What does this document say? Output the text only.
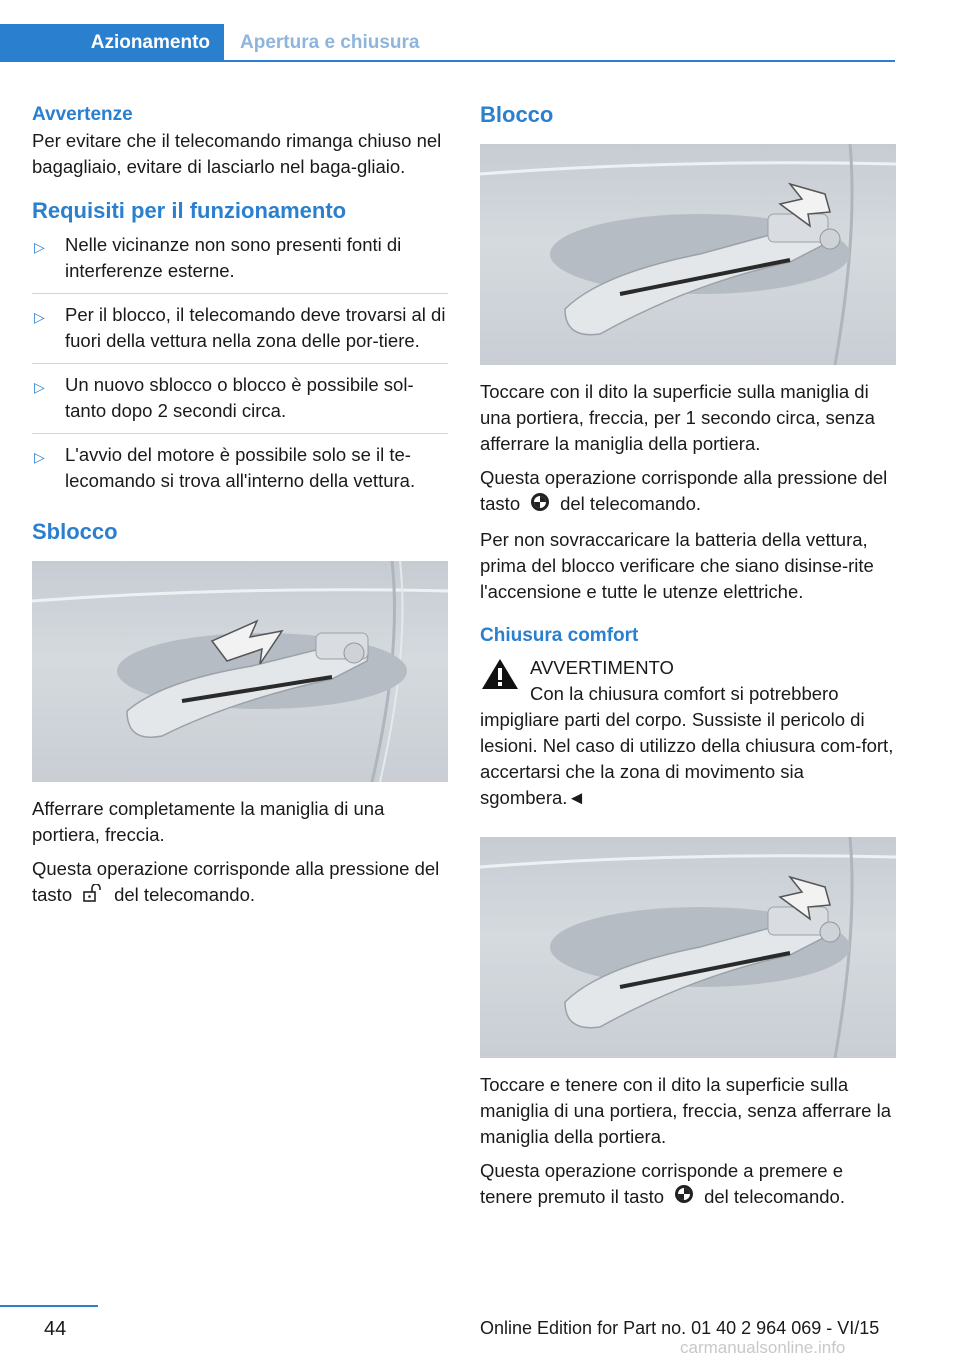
Azionamento	Apertura e chiusura
Avvertenze

Per evitare che il telecomando rimanga chiuso nel bagagliaio, evitare di lasciarlo nel baga-gliaio.

Requisiti per il funzionamento
▷ Nelle vicinanze non sono presenti fonti di interferenze esterne.
▷ Per il blocco, il telecomando deve trovarsi al di fuori della vettura nella zona delle por-tiere.
▷ Un nuovo sblocco o blocco è possibile sol-tanto dopo 2 secondi circa.
▷ L'avvio del motore è possibile solo se il te-lecomando si trova all'interno della vettura.
Sblocco

Afferrare completamente la maniglia di una portiera, freccia.

Questa operazione corrisponde alla pressione del tasto del telecomando.

Blocco

Toccare con il dito la superficie sulla maniglia di una portiera, freccia, per 1 secondo circa, senza afferrare la maniglia della portiera.

Questa operazione corrisponde alla pressione del tasto del telecomando.

Per non sovraccaricare la batteria della vettura, prima del blocco verificare che siano disinse-rite l'accensione e tutte le utenze elettriche.

Chiusura comfort

AVVERTIMENTO

Con la chiusura comfort si potrebbero impigliare parti del corpo. Sussiste il pericolo di lesioni. Nel caso di utilizzo della chiusura com-fort, accertarsi che la zona di movimento sia sgombera.◄

Toccare e tenere con il dito la superficie sulla maniglia di una portiera, freccia, senza afferrare la maniglia della portiera.

Questa operazione corrisponde a premere e tenere premuto il tasto del telecomando.

44	Online Edition for Part no. 01 40 2 964 069 - VI/15
carmanualsonline.info
